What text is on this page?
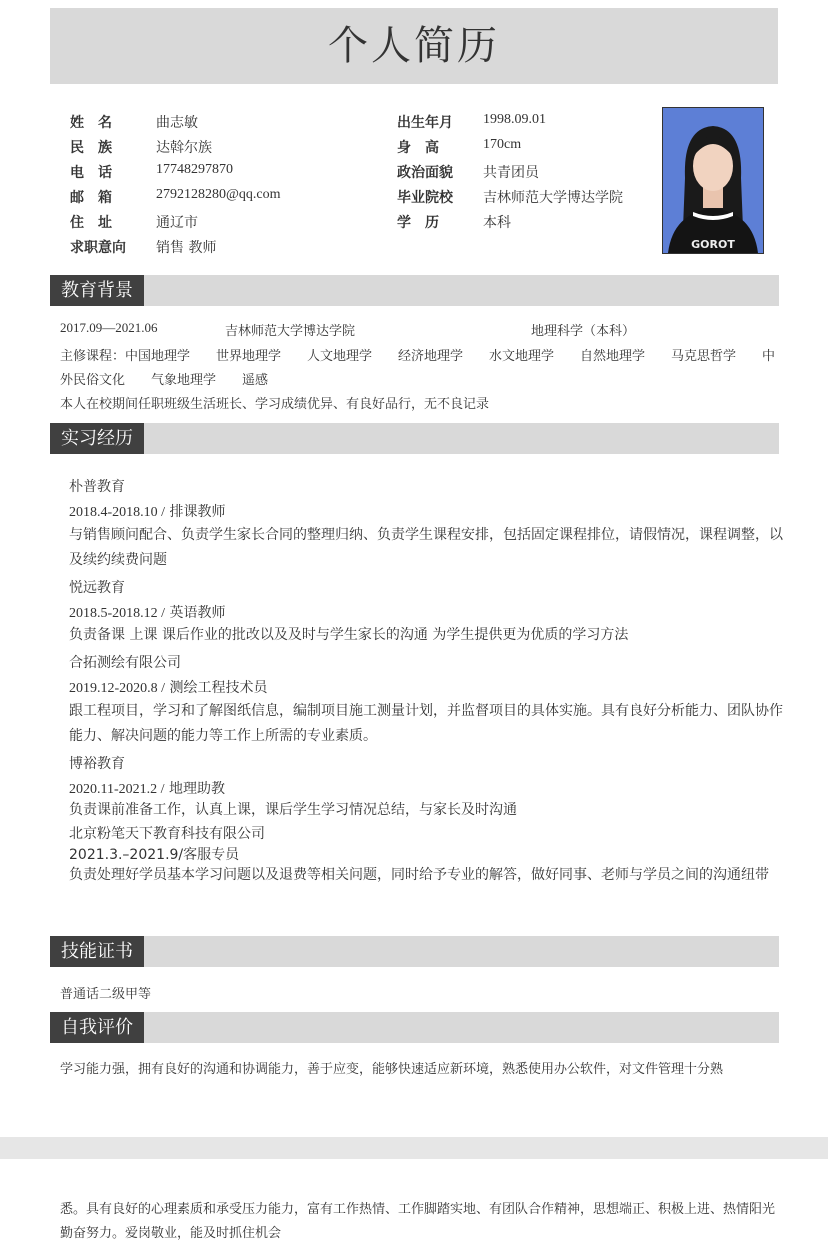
个人简历
姓　名	曲志敏
民　族	达斡尔族
电　话	17748297870
邮　箱	2792128280@qq.com
住　址	通辽市
求职意向	销售 教师
出生年月	1998.09.01
身　高	170cm
政治面貌	共青团员
毕业院校	吉林师范大学博达学院
学　历	本科
GOROT
教育背景
2017.09—2021.06	吉林师范大学博达学院	地理科学（本科）
主修课程：中国地理学　　世界地理学　　人文地理学　　经济地理学　　水文地理学　　自然地理学　　马克思哲学　　中
外民俗文化　　气象地理学　　遥感
本人在校期间任职班级生活班长、学习成绩优异、有良好品行，无不良记录
实习经历
朴普教育
2018.4-2018.10 / 排课教师
与销售顾问配合、负责学生家长合同的整理归纳、负责学生课程安排，包括固定课程排位，请假情况，课程调整，以及续约续费问题
悦远教育
2018.5-2018.12 / 英语教师
负责备课 上课 课后作业的批改以及及时与学生家长的沟通 为学生提供更为优质的学习方法
合拓测绘有限公司
2019.12-2020.8 / 测绘工程技术员
跟工程项目，学习和了解图纸信息，编制项目施工测量计划，并监督项目的具体实施。具有良好分析能力、团队协作能力、解决问题的能力等工作上所需的专业素质。
博裕教育
2020.11-2021.2 / 地理助教
负责课前准备工作，认真上课，课后学生学习情况总结，与家长及时沟通
北京粉笔天下教育科技有限公司
2021.3.–2021.9/客服专员
负责处理好学员基本学习问题以及退费等相关问题，同时给予专业的解答，做好同事、老师与学员之间的沟通纽带
技能证书
普通话二级甲等
自我评价
学习能力强，拥有良好的沟通和协调能力，善于应变，能够快速适应新环境，熟悉使用办公软件，对文件管理十分熟
悉。具有良好的心理素质和承受压力能力，富有工作热情、工作脚踏实地、有团队合作精神，思想端正、积极上进、热情阳光勤奋努力。爱岗敬业，能及时抓住机会
